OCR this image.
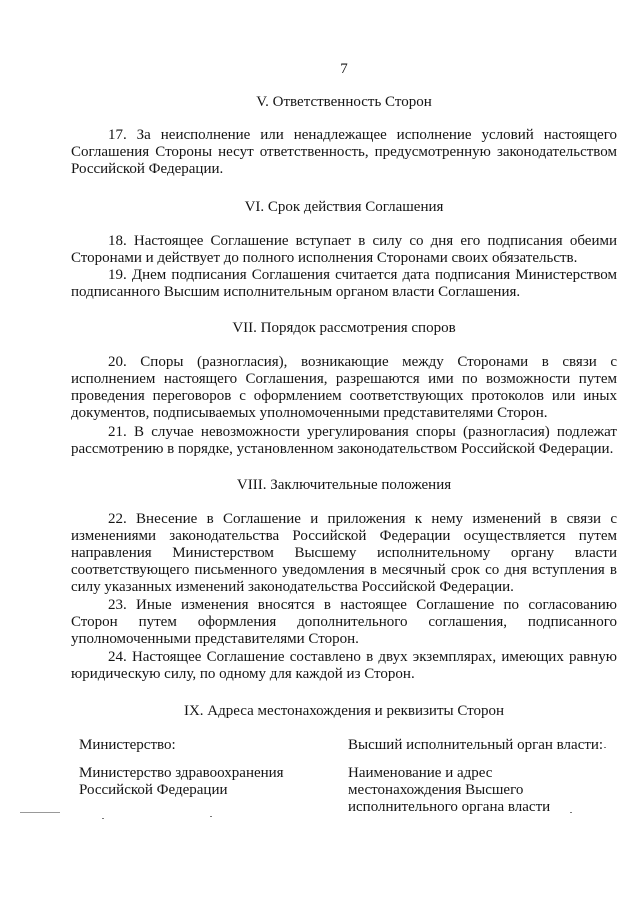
7
V. Ответственность Сторон
17. За неисполнение или ненадлежащее исполнение условий настоящего Соглашения Стороны несут ответственность, предусмотренную законодательством Российской Федерации.
VI. Срок действия Соглашения
18. Настоящее Соглашение вступает в силу со дня его подписания обеими Сторонами и действует до полного исполнения Сторонами своих обязательств.
19. Днем подписания Соглашения считается дата подписания Министерством подписанного Высшим исполнительным органом власти Соглашения.
VII. Порядок рассмотрения споров
20. Споры (разногласия), возникающие между Сторонами в связи с исполнением настоящего Соглашения, разрешаются ими по возможности путем проведения переговоров с оформлением соответствующих протоколов или иных документов, подписываемых уполномоченными представителями Сторон.
21. В случае невозможности урегулирования споры (разногласия) подлежат рассмотрению в порядке, установленном законодательством Российской Федерации.
VIII. Заключительные положения
22. Внесение в Соглашение и приложения к нему изменений в связи с изменениями законодательства Российской Федерации осуществляется путем направления Министерством Высшему исполнительному органу власти соответствующего письменного уведомления в месячный срок со дня вступления в силу указанных изменений законодательства Российской Федерации.
23. Иные изменения вносятся в настоящее Соглашение по согласованию Сторон путем оформления дополнительного соглашения, подписанного уполномоченными представителями Сторон.
24. Настоящее Соглашение составлено в двух экземплярах, имеющих равную юридическую силу, по одному для каждой из Сторон.
IX. Адреса местонахождения и реквизиты Сторон
Министерство:	Высший исполнительный орган власти:
Министерство здравоохранения
Российской Федерации
Наименование и адрес
местонахождения Высшего
исполнительного органа власти
